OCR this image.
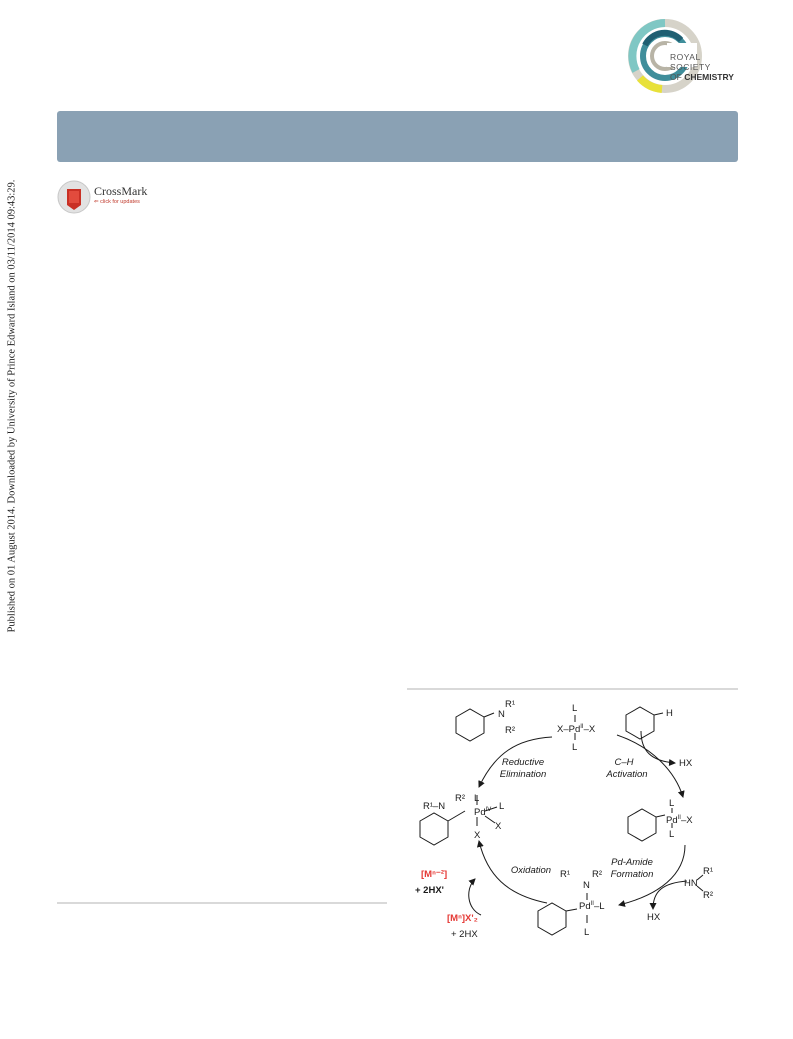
Published on 01 August 2014. Downloaded by University of Prince Edward Island on 03/11/2014 09:43:29.
ROYAL SOCIETY
OF CHEMISTRY
CrossMark
⇐ click for updates
N
R¹
R²
L
$X-Pd^{II}-X$
L
H
HX
L
$Pd^{II}-X$
L
HN
R¹
R²
HX
R¹
N
R²
$Pd^{II}-L$
L
R²
R¹–N
L
$Pd^{IV}$ L
X
X
[Mⁿ⁻²]
+ 2HX'
[Mⁿ]X'₂
+ 2HX
Reductive
Elimination
C–H
Activation
Pd-Amide
Formation
Oxidation
